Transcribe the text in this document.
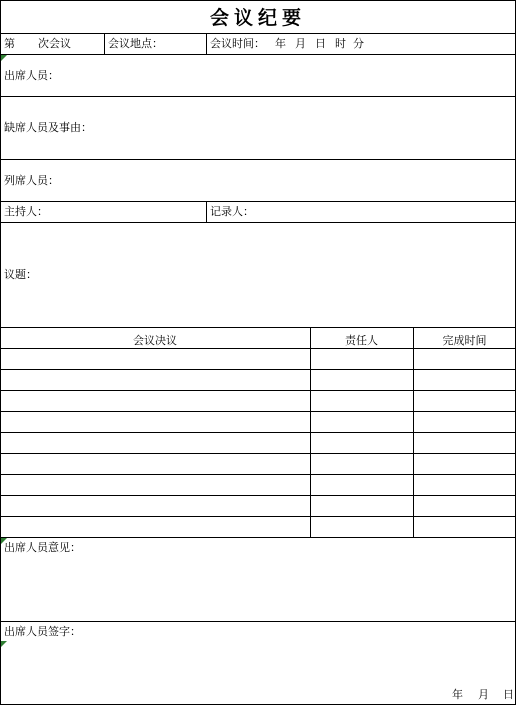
会议纪要
第 次会议	会议地点：	会议时间： 年 月 日 时 分
出席人员：
缺席人员及事由：
列席人员：
主持人：	记录人：
议题：
会议决议	责任人	完成时间
出席人员意见：
出席人员签字：
年 月 日
